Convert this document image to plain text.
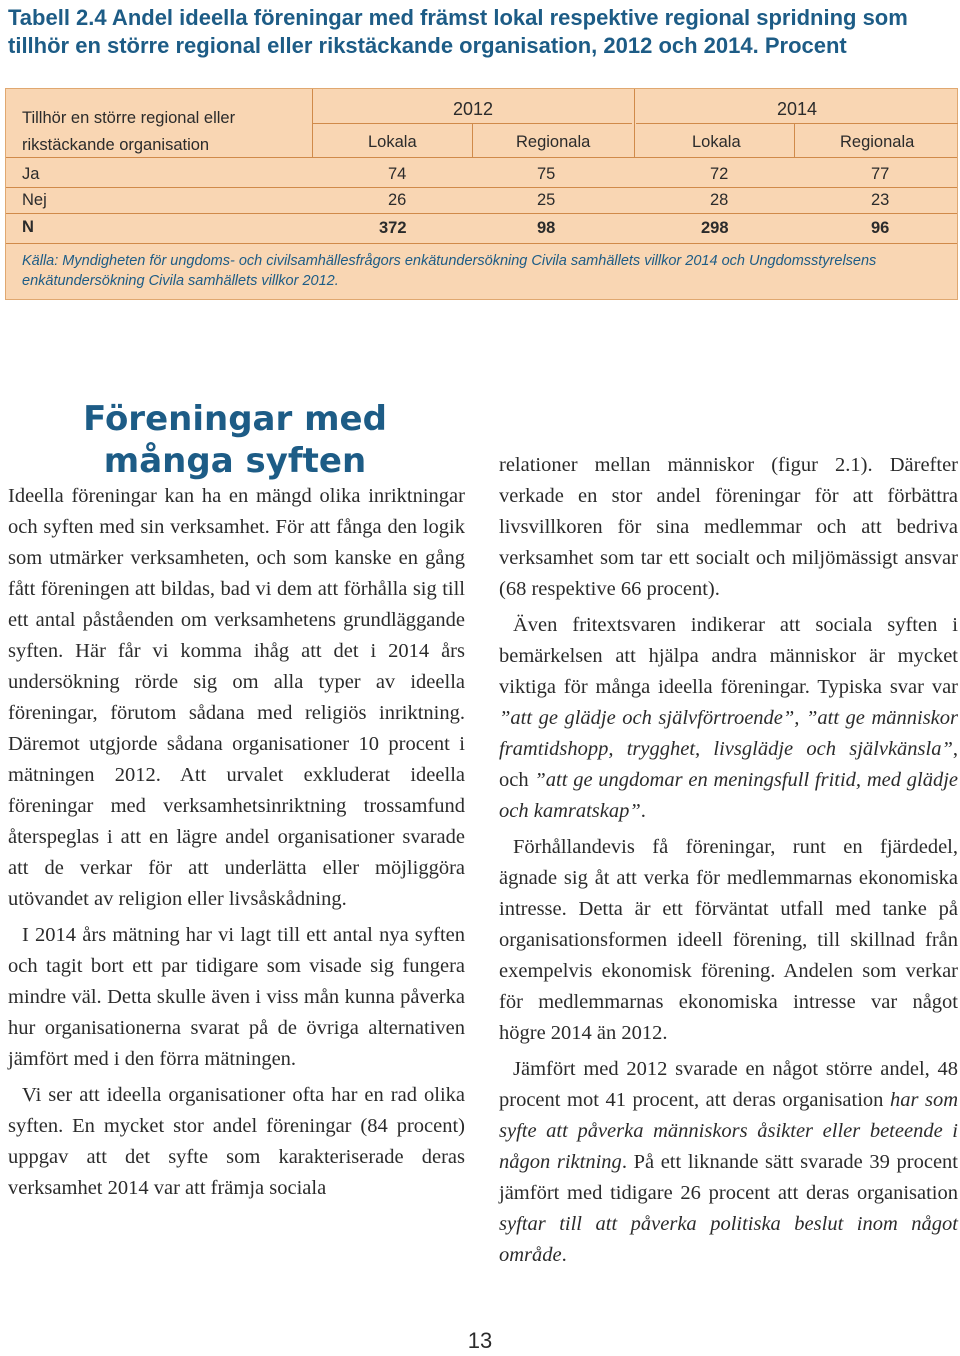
Tabell 2.4 Andel ideella föreningar med främst lokal respektive regional spridning som tillhör en större regional eller rikstäckande organisation, 2012 och 2014. Procent
Tillhör en större regional eller rikstäckande organisation
2012	2014
Lokala	Regionala	Lokala	Regionala
Ja	74	75	72	77
Nej	26	25	28	23
N	372	98	298	96
Källa: Myndigheten för ungdoms- och civilsamhällesfrågors enkätundersökning Civila samhällets villkor 2014 och Ungdomsstyrelsens enkätundersökning Civila samhällets villkor 2012.
Föreningar med många syften

Ideella föreningar kan ha en mängd olika inriktningar och syften med sin verksamhet. För att fånga den logik som utmärker verksamheten, och som kanske en gång fått föreningen att bildas, bad vi dem att förhålla sig till ett antal påståenden om verksamhetens grundläggande syften. Här får vi komma ihåg att det i 2014 års undersökning rörde sig om alla typer av ideella föreningar, förutom sådana med religiös inriktning. Däremot utgjorde sådana organisationer 10 procent i mätningen 2012. Att urvalet exkluderat ideella föreningar med verksamhetsinriktning trossamfund återspeglas i att en lägre andel organisationer svarade att de verkar för att underlätta eller möjliggöra utövandet av religion eller livsåskådning.

I 2014 års mätning har vi lagt till ett antal nya syften och tagit bort ett par tidigare som visade sig fungera mindre väl. Detta skulle även i viss mån kunna påverka hur organisationerna svarat på de övriga alternativen jämfört med i den förra mätningen.

Vi ser att ideella organisationer ofta har en rad olika syften. En mycket stor andel föreningar (84 procent) uppgav att det syfte som karakteriserade deras verksamhet 2014 var att främja sociala

relationer mellan människor (figur 2.1). Därefter verkade en stor andel föreningar för att förbättra livsvillkoren för sina medlemmar och att bedriva verksamhet som tar ett socialt och miljömässigt ansvar (68 respektive 66 procent).

Även fritextsvaren indikerar att sociala syften i bemärkelsen att hjälpa andra människor är mycket viktiga för många ideella föreningar. Typiska svar var ”att ge glädje och självförtroende”, ”att ge människor framtidshopp, trygghet, livsglädje och självkänsla”, och ”att ge ungdomar en meningsfull fritid, med glädje och kamratskap”.

Förhållandevis få föreningar, runt en fjärdedel, ägnade sig åt att verka för medlemmarnas ekonomiska intresse. Detta är ett förväntat utfall med tanke på organisationsformen ideell förening, till skillnad från exempelvis ekonomisk förening. Andelen som verkar för medlemmarnas ekonomiska intresse var något högre 2014 än 2012.

Jämfört med 2012 svarade en något större andel, 48 procent mot 41 procent, att deras organisation har som syfte att påverka människors åsikter eller beteende i någon riktning. På ett liknande sätt svarade 39 procent jämfört med tidigare 26 procent att deras organisation syftar till att påverka politiska beslut inom något område.

13
